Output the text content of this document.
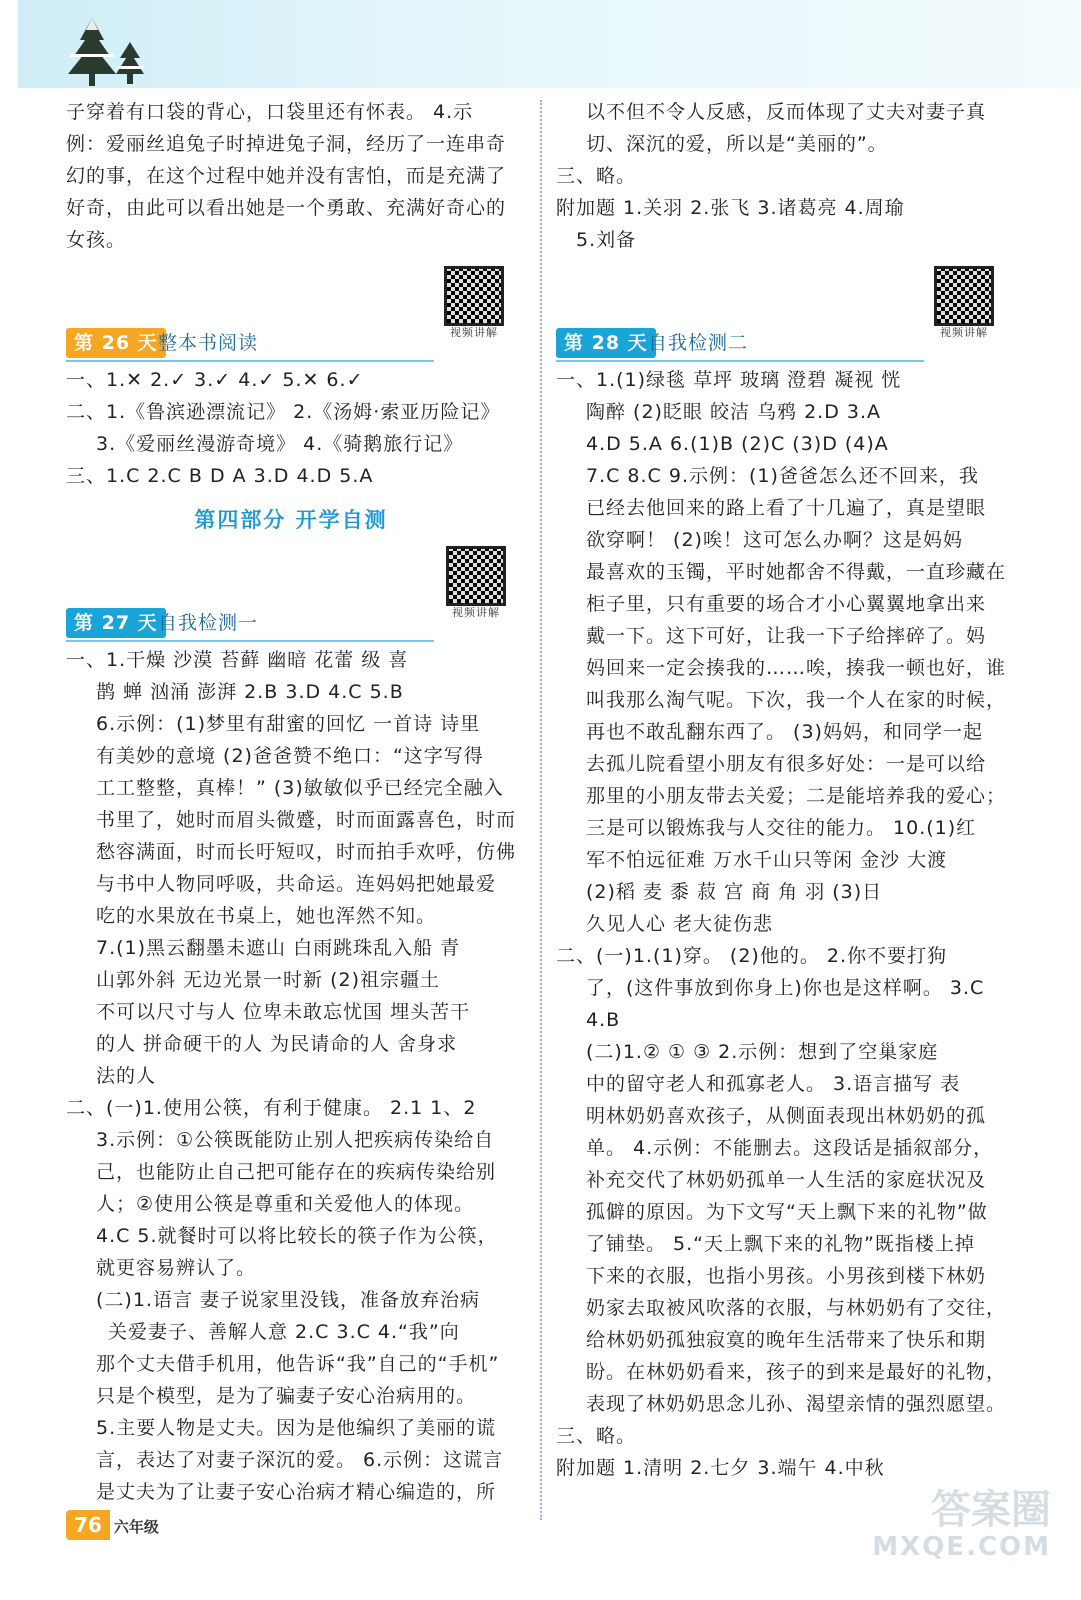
子穿着有口袋的背心，口袋里还有怀表。 4.示
例：爱丽丝追兔子时掉进兔子洞，经历了一连串奇
幻的事，在这个过程中她并没有害怕，而是充满了
好奇，由此可以看出她是一个勇敢、充满好奇心的
女孩。
第 26 天 整本书阅读	视频讲解
一、1.✕ 2.✓ 3.✓ 4.✓ 5.✕ 6.✓
二、1.《鲁滨逊漂流记》 2.《汤姆·索亚历险记》
3.《爱丽丝漫游奇境》 4.《骑鹅旅行记》
三、1.C 2.C B D A 3.D 4.D 5.A
第四部分 开学自测
第 27 天 自我检测一	视频讲解
一、1.干燥 沙漠 苔藓 幽暗 花蕾 级 喜
鹊 蝉 汹涌 澎湃 2.B 3.D 4.C 5.B
6.示例：(1)梦里有甜蜜的回忆 一首诗 诗里
有美妙的意境 (2)爸爸赞不绝口：“这字写得
工工整整，真棒！” (3)敏敏似乎已经完全融入
书里了，她时而眉头微蹙，时而面露喜色，时而
愁容满面，时而长吁短叹，时而拍手欢呼，仿佛
与书中人物同呼吸，共命运。连妈妈把她最爱
吃的水果放在书桌上，她也浑然不知。
7.(1)黑云翻墨未遮山 白雨跳珠乱入船 青
山郭外斜 无边光景一时新 (2)祖宗疆土
不可以尺寸与人 位卑未敢忘忧国 埋头苦干
的人 拼命硬干的人 为民请命的人 舍身求
法的人
二、(一)1.使用公筷，有利于健康。 2.1 1、2
3.示例：①公筷既能防止别人把疾病传染给自
己，也能防止自己把可能存在的疾病传染给别
人；②使用公筷是尊重和关爱他人的体现。
4.C 5.就餐时可以将比较长的筷子作为公筷，
就更容易辨认了。
(二)1.语言 妻子说家里没钱，准备放弃治病
关爱妻子、善解人意 2.C 3.C 4.“我”向
那个丈夫借手机用，他告诉“我”自己的“手机”
只是个模型，是为了骗妻子安心治病用的。
5.主要人物是丈夫。因为是他编织了美丽的谎
言，表达了对妻子深沉的爱。 6.示例：这谎言
是丈夫为了让妻子安心治病才精心编造的，所
以不但不令人反感，反而体现了丈夫对妻子真
切、深沉的爱，所以是“美丽的”。
三、略。
附加题 1.关羽 2.张飞 3.诸葛亮 4.周瑜
5.刘备
第 28 天 自我检测二	视频讲解
一、1.(1)绿毯 草坪 玻璃 澄碧 凝视 恍
陶醉 (2)眨眼 皎洁 乌鸦 2.D 3.A
4.D 5.A 6.(1)B (2)C (3)D (4)A
7.C 8.C 9.示例：(1)爸爸怎么还不回来，我
已经去他回来的路上看了十几遍了，真是望眼
欲穿啊！ (2)唉！这可怎么办啊？这是妈妈
最喜欢的玉镯，平时她都舍不得戴，一直珍藏在
柜子里，只有重要的场合才小心翼翼地拿出来
戴一下。这下可好，让我一下子给摔碎了。妈
妈回来一定会揍我的……唉，揍我一顿也好，谁
叫我那么淘气呢。下次，我一个人在家的时候，
再也不敢乱翻东西了。 (3)妈妈，和同学一起
去孤儿院看望小朋友有很多好处：一是可以给
那里的小朋友带去关爱；二是能培养我的爱心；
三是可以锻炼我与人交往的能力。 10.(1)红
军不怕远征难 万水千山只等闲 金沙 大渡
(2)稻 麦 黍 菽 宫 商 角 羽 (3)日
久见人心 老大徒伤悲
二、(一)1.(1)穿。 (2)他的。 2.你不要打狗
了，(这件事放到你身上)你也是这样啊。 3.C
4.B
(二)1.② ① ③ 2.示例：想到了空巢家庭
中的留守老人和孤寡老人。 3.语言描写 表
明林奶奶喜欢孩子，从侧面表现出林奶奶的孤
单。 4.示例：不能删去。这段话是插叙部分，
补充交代了林奶奶孤单一人生活的家庭状况及
孤僻的原因。为下文写“天上飘下来的礼物”做
了铺垫。 5.“天上飘下来的礼物”既指楼上掉
下来的衣服，也指小男孩。小男孩到楼下林奶
奶家去取被风吹落的衣服，与林奶奶有了交往，
给林奶奶孤独寂寞的晚年生活带来了快乐和期
盼。在林奶奶看来，孩子的到来是最好的礼物，
表现了林奶奶思念儿孙、渴望亲情的强烈愿望。
三、略。
附加题 1.清明 2.七夕 3.端午 4.中秋
76 六年级	答案圈
MXQE.COM
